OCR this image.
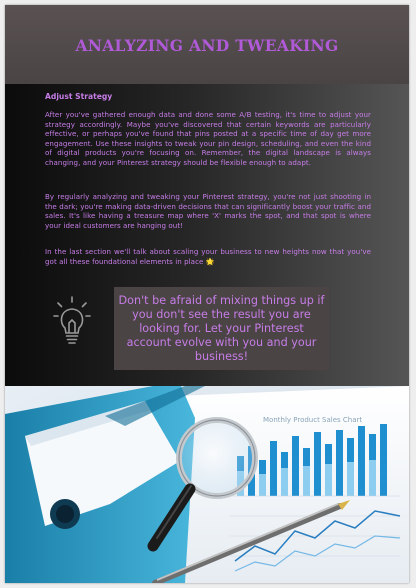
ANALYZING AND TWEAKING
Adjust Strategy

After you've gathered enough data and done some A/B testing, it's time to adjust your strategy accordingly. Maybe you've discovered that certain keywords are particularly effective, or perhaps you've found that pins posted at a specific time of day get more engagement. Use these insights to tweak your pin design, scheduling, and even the kind of digital products you're focusing on. Remember, the digital landscape is always changing, and your Pinterest strategy should be flexible enough to adapt.

By regularly analyzing and tweaking your Pinterest strategy, you're not just shooting in the dark; you're making data-driven decisions that can significantly boost your traffic and sales. It's like having a treasure map where 'X' marks the spot, and that spot is where your ideal customers are hanging out!

In the last section we'll talk about scaling your business to new heights now that you've got all these foundational elements in place 🌟

Don't be afraid of mixing things up if you don't see the result you are looking for. Let your Pinterest account evolve with you and your business!
Monthly Product Sales Chart
